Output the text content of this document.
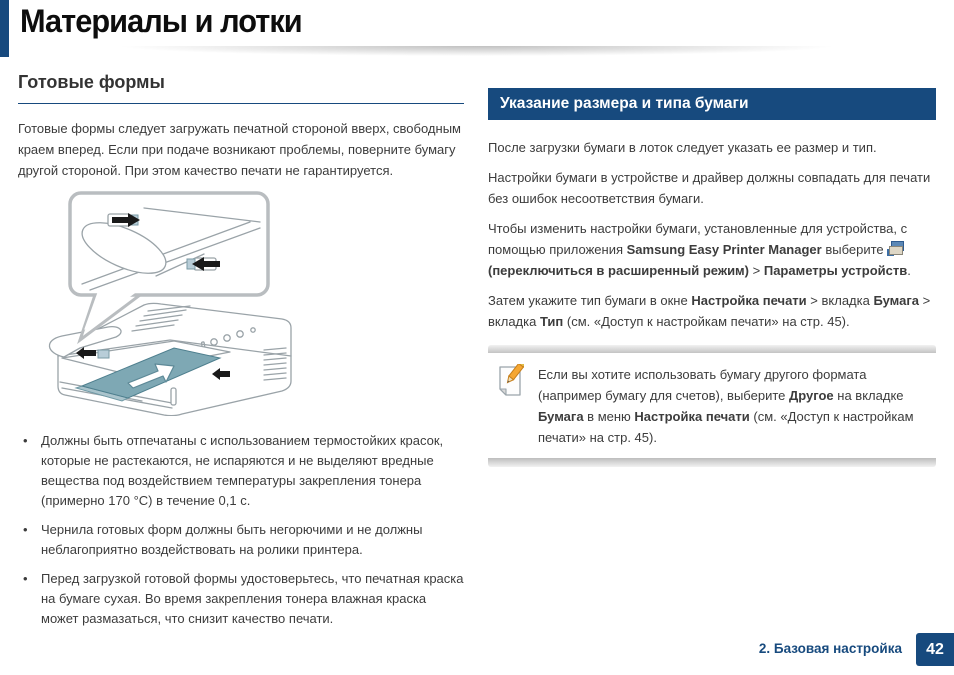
Материалы и лотки
Готовые формы

Готовые формы следует загружать печатной стороной вверх, свободным краем вперед. Если при подаче возникают проблемы, поверните бумагу другой стороной. При этом качество печати не гарантируется.

• Должны быть отпечатаны с использованием термостойких красок, которые не растекаются, не испаряются и не выделяют вредные вещества под воздействием температуры закрепления тонера (примерно 170 °C) в течение 0,1 с.
• Чернила готовых форм должны быть негорючими и не должны неблагоприятно воздействовать на ролики принтера.
• Перед загрузкой готовой формы удостоверьтесь, что печатная краска на бумаге сухая. Во время закрепления тонера влажная краска может размазаться, что снизит качество печати.
Указание размера и типа бумаги

После загрузки бумаги в лоток следует указать ее размер и тип.

Настройки бумаги в устройстве и драйвер должны совпадать для печати без ошибок несоответствия бумаги.

Чтобы изменить настройки бумаги, установленные для устройства, с помощью приложения Samsung Easy Printer Manager выберите (переключиться в расширенный режим) > Параметры устройств.

Затем укажите тип бумаги в окне Настройка печати > вкладка Бумага > вкладка Тип (см. «Доступ к настройкам печати» на стр. 45).

Если вы хотите использовать бумагу другого формата (например бумагу для счетов), выберите Другое на вкладке Бумага в меню Настройка печати (см. «Доступ к настройкам печати» на стр. 45).
2. Базовая настройка	42
